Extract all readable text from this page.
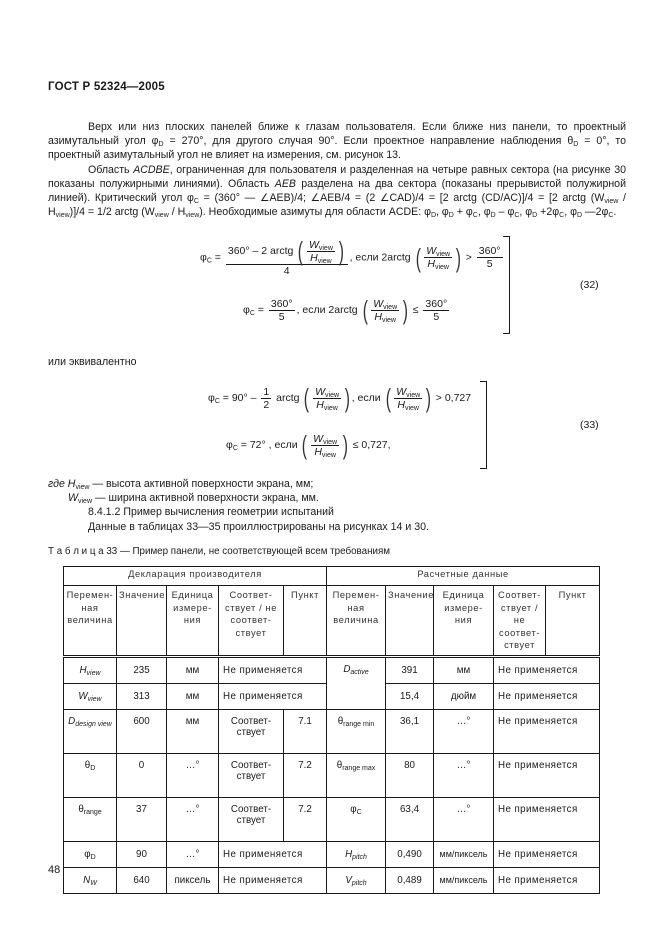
ГОСТ Р 52324—2005

Верх или низ плоских панелей ближе к глазам пользователя. Если ближе низ панели, то проектный азимутальный угол $\varphi_D = 270^\circ$, для другого случая 90°. Если проектное направление наблюдения $\theta_D = 0^\circ$, то проектный азимутальный угол не влияет на измерения, см. рисунок 13.

Область ACDBE, ограниченная для пользователя и разделенная на четыре равных сектора (на рисунке 30 показаны полужирными линиями). Область AEB разделена на два сектора (показаны прерывистой полужирной линией). Критический угол $\varphi_C = (360^\circ$ — ∠AEB)/4; ∠AEB/4 = (2 ∠CAD)/4 = [2 arctg (CD/AC)]/4 = [2 arctg $(W_{view} / H_{view})]/4 = 1/2$ arctg $(W_{view} / H_{view})$. Необходимые азимуты для области ACDE: $\varphi_D$, $\varphi_D + \varphi_C$, $\varphi_D - \varphi_C$, $\varphi_D +2\varphi_C$, $\varphi_D$ $—2\varphi_C$.

$\varphi_C = \frac{360^\circ - 2 arctg ( \frac{W_{view}}{H_{view}} )}{4}$ , если 2arctg ( $\frac{W_{view}}{H_{view}}$ ) > $\frac{360^\circ}{5}$
$\varphi_C = \frac{360^\circ}{5}$ , если 2arctg ( $\frac{W_{view}}{H_{view}}$ ) ≤ $\frac{360^\circ}{5}$
(32)
или эквивалентно
$\varphi_C = 90^\circ - \frac{1}{2}$ arctg ( $\frac{W_{view}}{H_{view}}$ ) , если ( $\frac{W_{view}}{H_{view}}$ ) > 0,727
$\varphi_C = 72^\circ$ , если ( $\frac{W_{view}}{H_{view}}$ ) ≤ 0,727,
(33)
где $H_{view}$ — высота активной поверхности экрана, мм;
$W_{view}$ — ширина активной поверхности экрана, мм.
8.4.1.2 Пример вычисления геометрии испытаний
Данные в таблицах 33—35 проиллюстрированы на рисунках 14 и 30.
Т а б л и ц а 33 — Пример панели, не соответствующей всем требованиям
Декларация производителя					Расчетные данные				
Перемен-ная величина	Значение	Единица измере-ния	Соответ-ствует / не соответ-ствует	Пункт	Перемен-ная величина	Значение	Единица измере-ния	Соответ-ствует / не соответ-ствует	Пункт
$H_{view}$	235	мм	Не применяется		$D_{active}$	391	мм	Не применяется	
$W_{view}$	313	мм	Не применяется			15,4	дюйм	Не применяется	
$D_{design view}$	600	мм	Соответ-ствует	7.1	$\theta_{range min}$	36,1	…°	Не применяется	
$\theta_D$	0	…°	Соответ-ствует	7.2	$\theta_{range max}$	80	…°	Не применяется	
$\theta_{range}$	37	…°	Соответ-ствует	7.2	$\varphi_C$	63,4	…°	Не применяется	
$\varphi_D$	90	…°	Не применяется		$H_{pitch}$	0,490	мм/пиксель	Не применяется	
$N_W$	640	пиксель	Не применяется		$V_{pitch}$	0,489	мм/пиксель	Не применяется	
48
